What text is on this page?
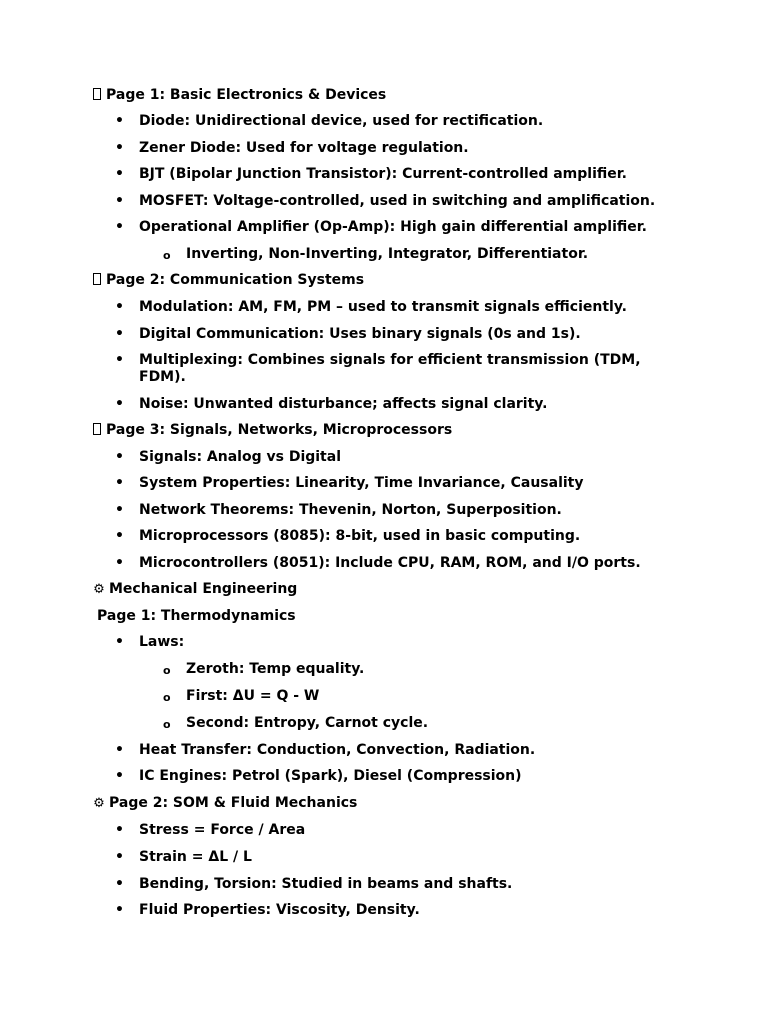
Page 1: Basic Electronics & Devices
• Diode: Unidirectional device, used for rectification.
• Zener Diode: Used for voltage regulation.
• BJT (Bipolar Junction Transistor): Current-controlled amplifier.
• MOSFET: Voltage-controlled, used in switching and amplification.
• Operational Amplifier (Op-Amp): High gain differential amplifier.
o Inverting, Non-Inverting, Integrator, Differentiator.
Page 2: Communication Systems
• Modulation: AM, FM, PM – used to transmit signals efficiently.
• Digital Communication: Uses binary signals (0s and 1s).
• Multiplexing: Combines signals for efficient transmission (TDM, FDM).
• Noise: Unwanted disturbance; affects signal clarity.
Page 3: Signals, Networks, Microprocessors
• Signals: Analog vs Digital
• System Properties: Linearity, Time Invariance, Causality
• Network Theorems: Thevenin, Norton, Superposition.
• Microprocessors (8085): 8-bit, used in basic computing.
• Microcontrollers (8051): Include CPU, RAM, ROM, and I/O ports.
⚙ Mechanical Engineering
Page 1: Thermodynamics
• Laws:
o Zeroth: Temp equality.
o First: ΔU = Q - W
o Second: Entropy, Carnot cycle.
• Heat Transfer: Conduction, Convection, Radiation.
• IC Engines: Petrol (Spark), Diesel (Compression)
⚙ Page 2: SOM & Fluid Mechanics
• Stress = Force / Area
• Strain = ΔL / L
• Bending, Torsion: Studied in beams and shafts.
• Fluid Properties: Viscosity, Density.
